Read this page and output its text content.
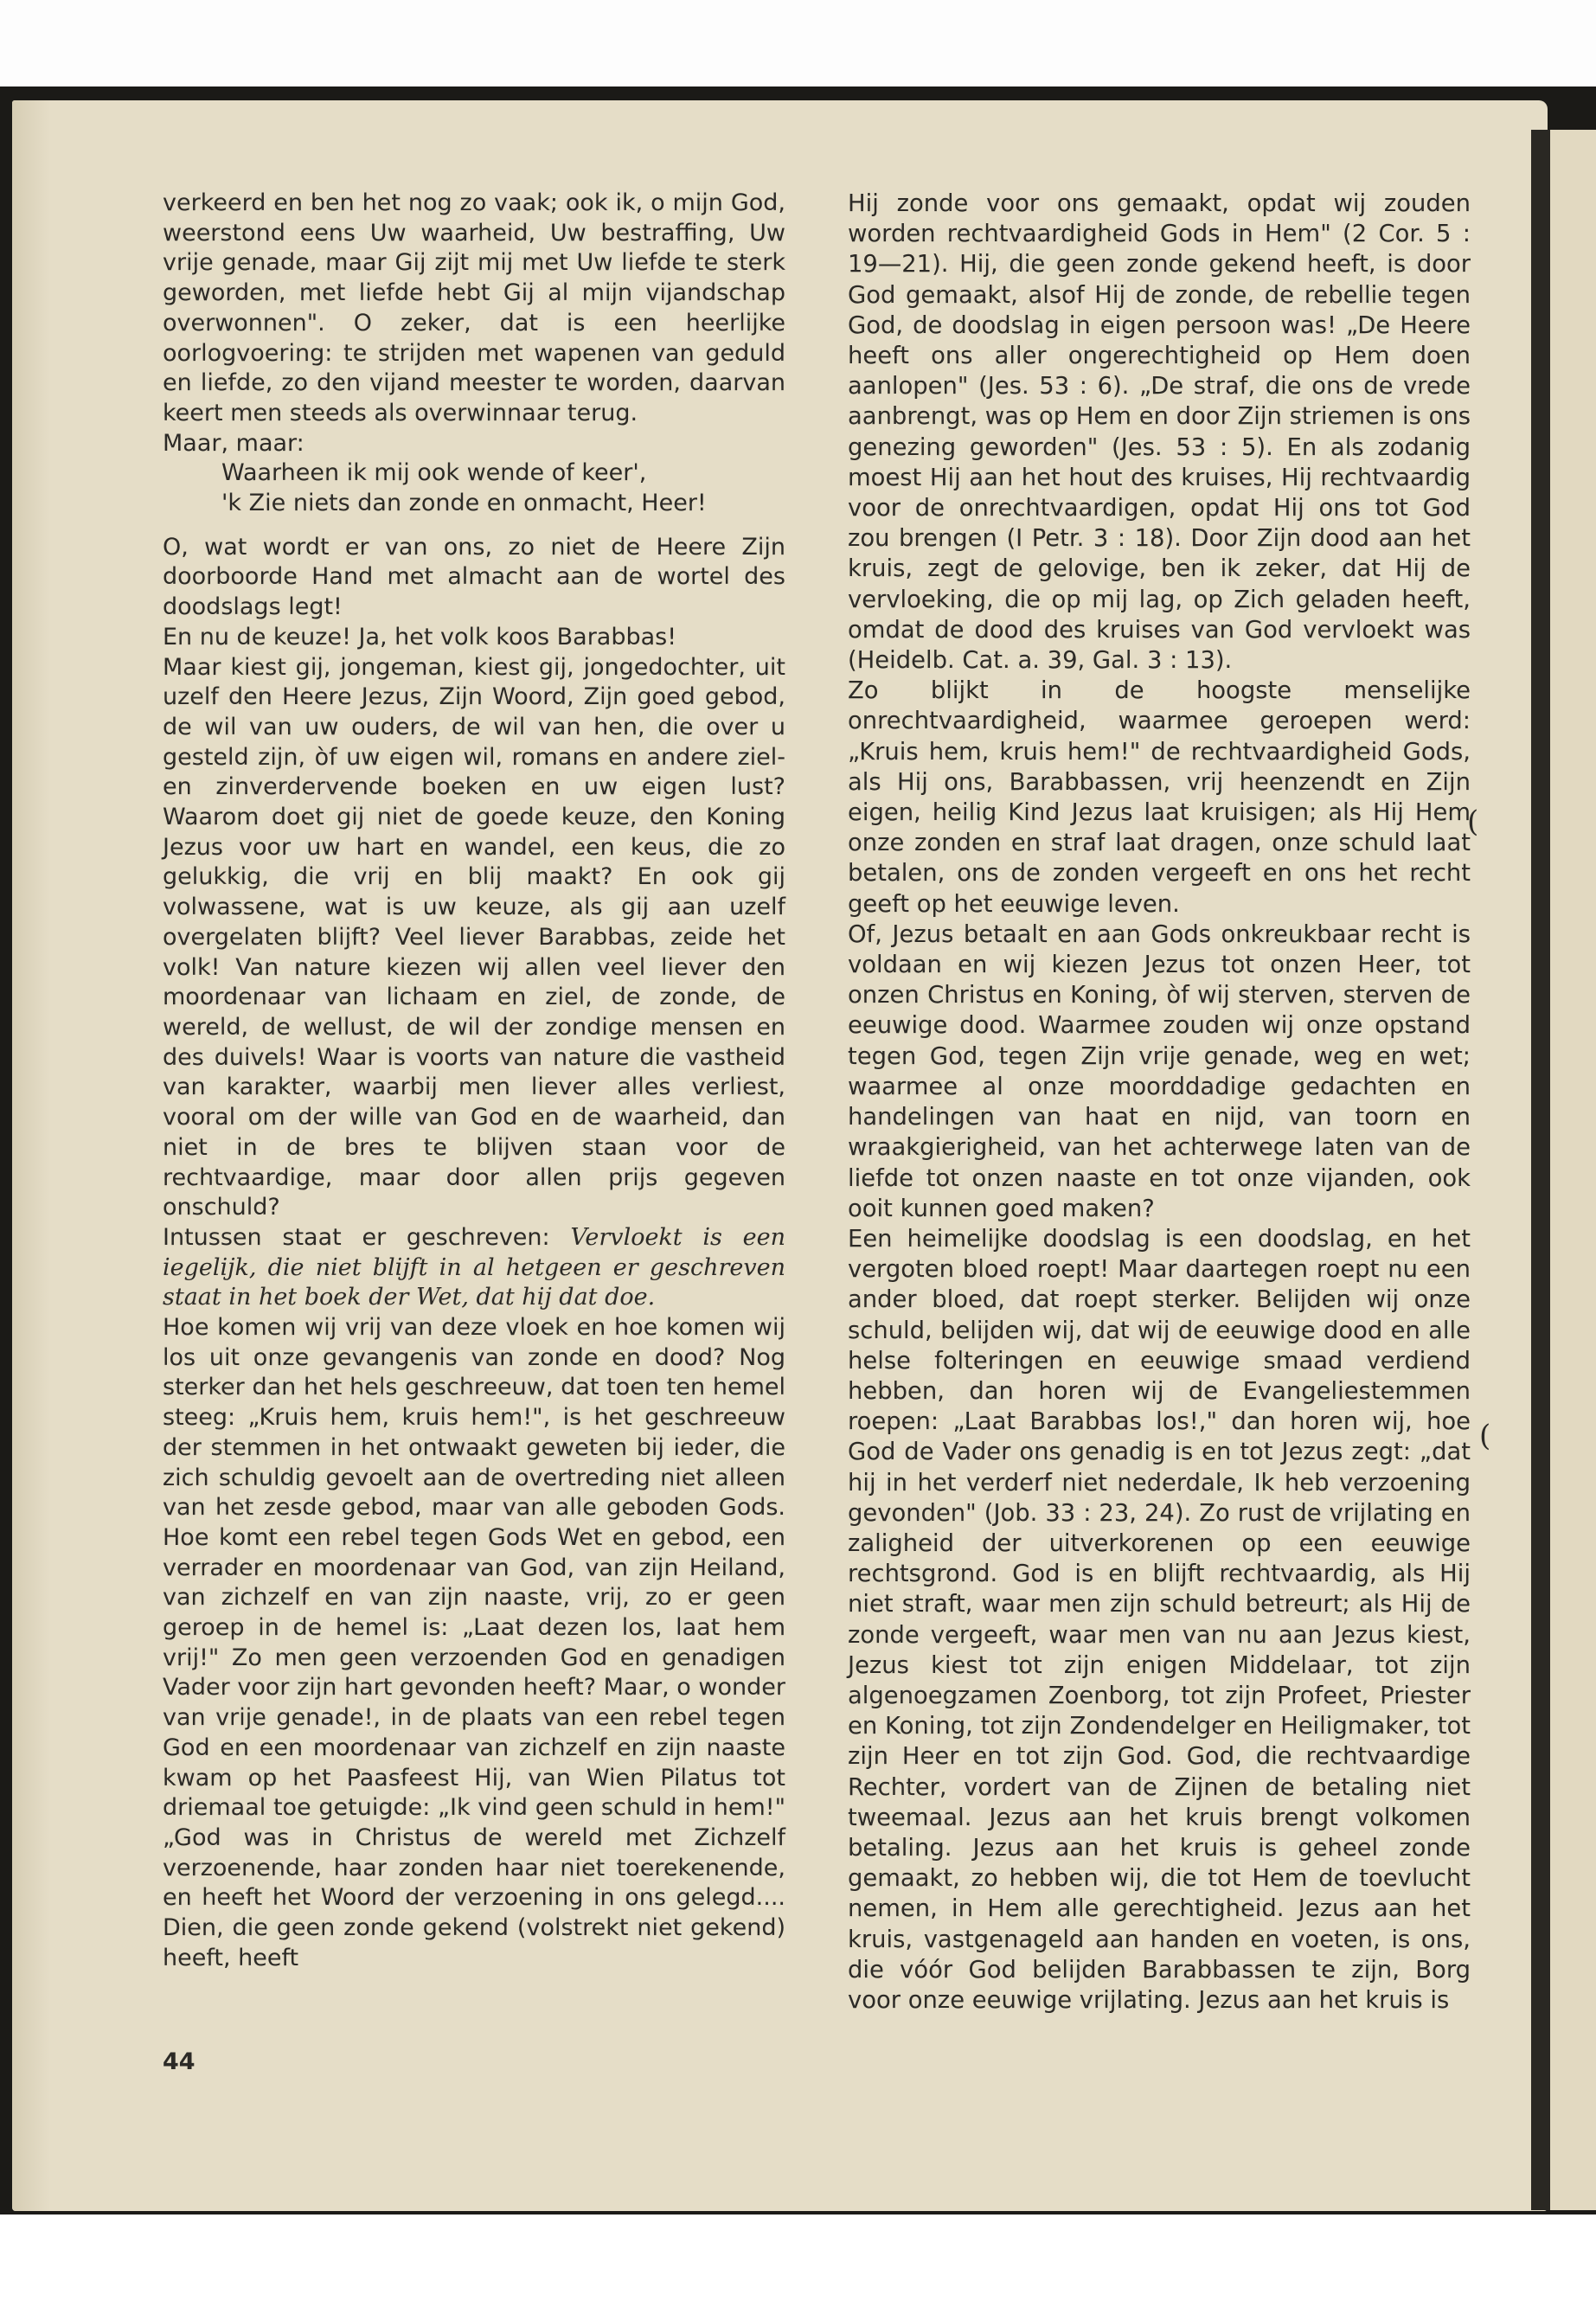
(
(

verkeerd en ben het nog zo vaak; ook ik, o mijn God, weerstond eens Uw waarheid, Uw bestraffing, Uw vrije genade, maar Gij zijt mij met Uw liefde te sterk geworden, met liefde hebt Gij al mijn vijandschap overwonnen". O zeker, dat is een heerlijke oorlogvoering: te strijden met wapenen van geduld en liefde, zo den vijand meester te worden, daarvan keert men steeds als overwinnaar terug.

Maar, maar:

Waarheen ik mij ook wende of keer',
'k Zie niets dan zonde en onmacht, Heer!

O, wat wordt er van ons, zo niet de Heere Zijn doorboorde Hand met almacht aan de wortel des doodslags legt!

En nu de keuze! Ja, het volk koos Barabbas!

Maar kiest gij, jongeman, kiest gij, jongedochter, uit uzelf den Heere Jezus, Zijn Woord, Zijn goed gebod, de wil van uw ouders, de wil van hen, die over u gesteld zijn, òf uw eigen wil, romans en andere ziel- en zinverdervende boeken en uw eigen lust? Waarom doet gij niet de goede keuze, den Koning Jezus voor uw hart en wandel, een keus, die zo gelukkig, die vrij en blij maakt? En ook gij volwassene, wat is uw keuze, als gij aan uzelf overgelaten blijft? Veel liever Barabbas, zeide het volk! Van nature kiezen wij allen veel liever den moordenaar van lichaam en ziel, de zonde, de wereld, de wellust, de wil der zondige mensen en des duivels! Waar is voorts van nature die vastheid van karakter, waarbij men liever alles verliest, vooral om der wille van God en de waarheid, dan niet in de bres te blijven staan voor de rechtvaardige, maar door allen prijs gegeven onschuld?

Intussen staat er geschreven: Vervloekt is een iegelijk, die niet blijft in al hetgeen er geschreven staat in het boek der Wet, dat hij dat doe.

Hoe komen wij vrij van deze vloek en hoe komen wij los uit onze gevangenis van zonde en dood? Nog sterker dan het hels geschreeuw, dat toen ten hemel steeg: „Kruis hem, kruis hem!", is het geschreeuw der stemmen in het ontwaakt geweten bij ieder, die zich schuldig gevoelt aan de overtreding niet alleen van het zesde gebod, maar van alle geboden Gods. Hoe komt een rebel tegen Gods Wet en gebod, een verrader en moordenaar van God, van zijn Heiland, van zichzelf en van zijn naaste, vrij, zo er geen geroep in de hemel is: „Laat dezen los, laat hem vrij!" Zo men geen verzoenden God en genadigen Vader voor zijn hart gevonden heeft? Maar, o wonder van vrije genade!, in de plaats van een rebel tegen God en een moordenaar van zichzelf en zijn naaste kwam op het Paasfeest Hij, van Wien Pilatus tot driemaal toe getuigde: „Ik vind geen schuld in hem!" „God was in Christus de wereld met Zichzelf verzoenende, haar zonden haar niet toerekenende, en heeft het Woord der verzoening in ons gelegd.... Dien, die geen zonde gekend (volstrekt niet gekend) heeft, heeft

Hij zonde voor ons gemaakt, opdat wij zouden worden rechtvaardigheid Gods in Hem" (2 Cor. 5 : 19—21). Hij, die geen zonde gekend heeft, is door God gemaakt, alsof Hij de zonde, de rebellie tegen God, de doodslag in eigen persoon was! „De Heere heeft ons aller ongerechtigheid op Hem doen aanlopen" (Jes. 53 : 6). „De straf, die ons de vrede aanbrengt, was op Hem en door Zijn striemen is ons genezing geworden" (Jes. 53 : 5). En als zodanig moest Hij aan het hout des kruises, Hij rechtvaardig voor de onrechtvaardigen, opdat Hij ons tot God zou brengen (I Petr. 3 : 18). Door Zijn dood aan het kruis, zegt de gelovige, ben ik zeker, dat Hij de vervloeking, die op mij lag, op Zich geladen heeft, omdat de dood des kruises van God vervloekt was (Heidelb. Cat. a. 39, Gal. 3 : 13).

Zo blijkt in de hoogste menselijke onrechtvaardigheid, waarmee geroepen werd: „Kruis hem, kruis hem!" de rechtvaardigheid Gods, als Hij ons, Barabbassen, vrij heenzendt en Zijn eigen, heilig Kind Jezus laat kruisigen; als Hij Hem onze zonden en straf laat dragen, onze schuld laat betalen, ons de zonden vergeeft en ons het recht geeft op het eeuwige leven.

Of, Jezus betaalt en aan Gods onkreukbaar recht is voldaan en wij kiezen Jezus tot onzen Heer, tot onzen Christus en Koning, òf wij sterven, sterven de eeuwige dood. Waarmee zouden wij onze opstand tegen God, tegen Zijn vrije genade, weg en wet; waarmee al onze moorddadige gedachten en handelingen van haat en nijd, van toorn en wraakgierigheid, van het achterwege laten van de liefde tot onzen naaste en tot onze vijanden, ook ooit kunnen goed maken?

Een heimelijke doodslag is een doodslag, en het vergoten bloed roept! Maar daartegen roept nu een ander bloed, dat roept sterker. Belijden wij onze schuld, belijden wij, dat wij de eeuwige dood en alle helse folteringen en eeuwige smaad verdiend hebben, dan horen wij de Evangeliestemmen roepen: „Laat Barabbas los!," dan horen wij, hoe God de Vader ons genadig is en tot Jezus zegt: „dat hij in het verderf niet nederdale, Ik heb verzoening gevonden" (Job. 33 : 23, 24). Zo rust de vrijlating en zaligheid der uitverkorenen op een eeuwige rechtsgrond. God is en blijft rechtvaardig, als Hij niet straft, waar men zijn schuld betreurt; als Hij de zonde vergeeft, waar men van nu aan Jezus kiest, Jezus kiest tot zijn enigen Middelaar, tot zijn algenoegzamen Zoenborg, tot zijn Profeet, Priester en Koning, tot zijn Zondendelger en Heiligmaker, tot zijn Heer en tot zijn God. God, die rechtvaardige Rechter, vordert van de Zijnen de betaling niet tweemaal. Jezus aan het kruis brengt volkomen betaling. Jezus aan het kruis is geheel zonde gemaakt, zo hebben wij, die tot Hem de toevlucht nemen, in Hem alle gerechtigheid. Jezus aan het kruis, vastgenageld aan handen en voeten, is ons, die vóór God belijden Barabbassen te zijn, Borg voor onze eeuwige vrijlating. Jezus aan het kruis is

44
